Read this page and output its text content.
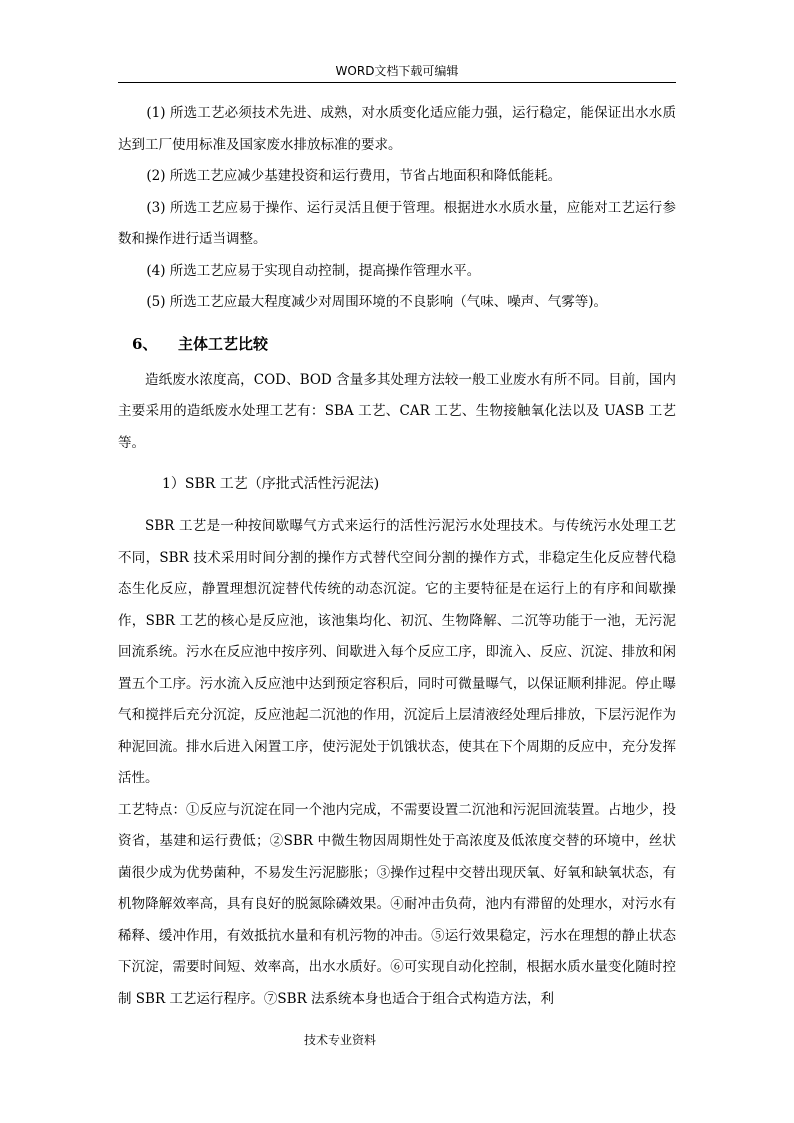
WORD文档下载可编辑

(1) 所选工艺必须技术先进、成熟，对水质变化适应能力强，运行稳定，能保证出水水质达到工厂使用标准及国家废水排放标准的要求。

(2) 所选工艺应减少基建投资和运行费用，节省占地面积和降低能耗。

(3) 所选工艺应易于操作、运行灵活且便于管理。根据进水水质水量，应能对工艺运行参数和操作进行适当调整。

(4) 所选工艺应易于实现自动控制，提高操作管理水平。

(5) 所选工艺应最大程度减少对周围环境的不良影响（气味、噪声、气雾等)。

6、 主体工艺比较

造纸废水浓度高，COD、BOD 含量多其处理方法较一般工业废水有所不同。目前，国内主要采用的造纸废水处理工艺有：SBA 工艺、CAR 工艺、生物接触氧化法以及 UASB 工艺等。

1）SBR 工艺（序批式活性污泥法)

SBR 工艺是一种按间歇曝气方式来运行的活性污泥污水处理技术。与传统污水处理工艺不同，SBR 技术采用时间分割的操作方式替代空间分割的操作方式，非稳定生化反应替代稳态生化反应，静置理想沉淀替代传统的动态沉淀。它的主要特征是在运行上的有序和间歇操作，SBR 工艺的核心是反应池，该池集均化、初沉、生物降解、二沉等功能于一池，无污泥回流系统。污水在反应池中按序列、间歇进入每个反应工序，即流入、反应、沉淀、排放和闲置五个工序。污水流入反应池中达到预定容积后，同时可微量曝气，以保证顺利排泥。停止曝气和搅拌后充分沉淀，反应池起二沉池的作用，沉淀后上层清液经处理后排放，下层污泥作为种泥回流。排水后进入闲置工序，使污泥处于饥饿状态，使其在下个周期的反应中，充分发挥活性。

工艺特点：①反应与沉淀在同一个池内完成，不需要设置二沉池和污泥回流装置。占地少，投资省，基建和运行费低；②SBR 中微生物因周期性处于高浓度及低浓度交替的环境中，丝状菌很少成为优势菌种，不易发生污泥膨胀；③操作过程中交替出现厌氧、好氧和缺氧状态，有机物降解效率高，具有良好的脱氮除磷效果。④耐冲击负荷，池内有滞留的处理水，对污水有稀释、缓冲作用，有效抵抗水量和有机污物的冲击。⑤运行效果稳定，污水在理想的静止状态下沉淀，需要时间短、效率高，出水水质好。⑥可实现自动化控制，根据水质水量变化随时控制 SBR 工艺运行程序。⑦SBR 法系统本身也适合于组合式构造方法，利

技术专业资料
